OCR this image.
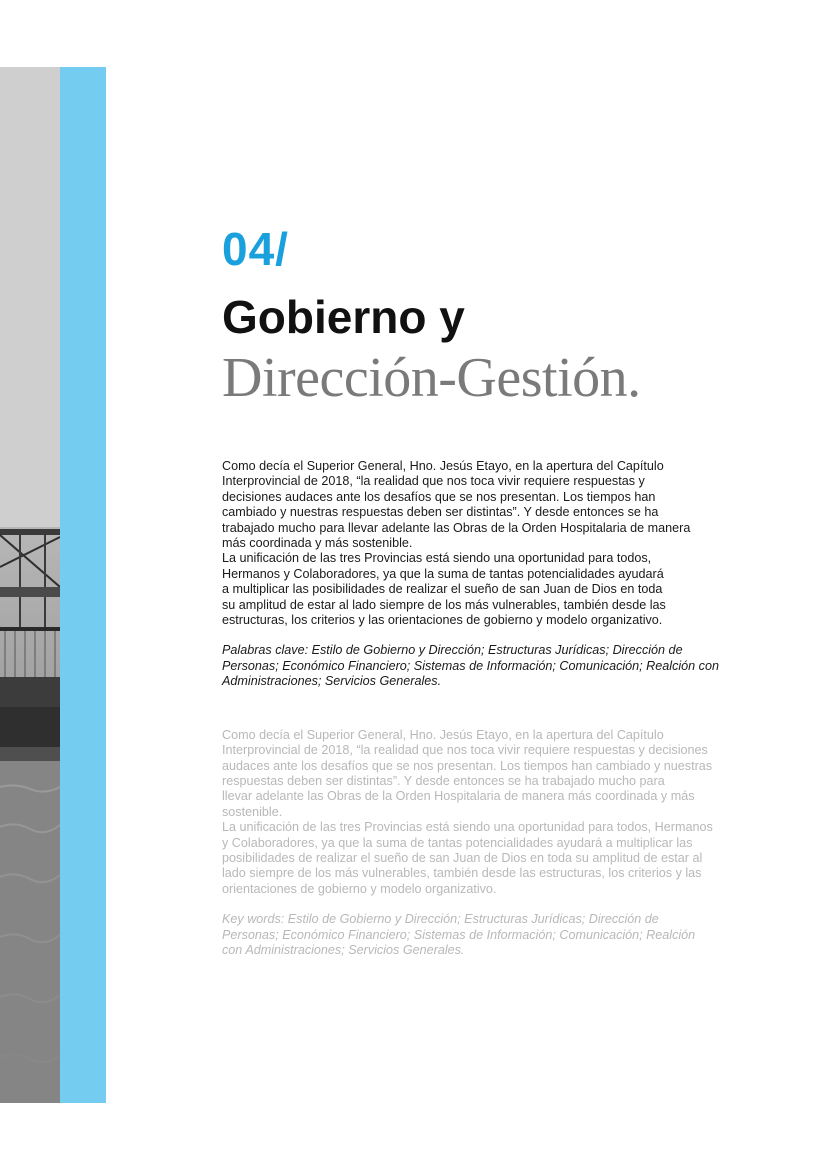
04/
Gobierno y
Dirección-Gestión.

Como decía el Superior General, Hno. Jesús Etayo, en la apertura del Capítulo
Interprovincial de 2018, “la realidad que nos toca vivir requiere respuestas y
decisiones audaces ante los desafíos que se nos presentan. Los tiempos han
cambiado y nuestras respuestas deben ser distintas”. Y desde entonces se ha
trabajado mucho para llevar adelante las Obras de la Orden Hospitalaria de manera
más coordinada y más sostenible.

La unificación de las tres Provincias está siendo una oportunidad para todos,
Hermanos y Colaboradores, ya que la suma de tantas potencialidades ayudará
a multiplicar las posibilidades de realizar el sueño de san Juan de Dios en toda
su amplitud de estar al lado siempre de los más vulnerables, también desde las
estructuras, los criterios y las orientaciones de gobierno y modelo organizativo.

Palabras clave: Estilo de Gobierno y Dirección; Estructuras Jurídicas; Dirección de
Personas; Económico Financiero; Sistemas de Información; Comunicación; Realción con
Administraciones; Servicios Generales.

Como decía el Superior General, Hno. Jesús Etayo, en la apertura del Capítulo
Interprovincial de 2018, “la realidad que nos toca vivir requiere respuestas y decisiones
audaces ante los desafíos que se nos presentan. Los tiempos han cambiado y nuestras
respuestas deben ser distintas”. Y desde entonces se ha trabajado mucho para
llevar adelante las Obras de la Orden Hospitalaria de manera más coordinada y más
sostenible.

La unificación de las tres Provincias está siendo una oportunidad para todos, Hermanos
y Colaboradores, ya que la suma de tantas potencialidades ayudará a multiplicar las
posibilidades de realizar el sueño de san Juan de Dios en toda su amplitud de estar al
lado siempre de los más vulnerables, también desde las estructuras, los criterios y las
orientaciones de gobierno y modelo organizativo.

Key words: Estilo de Gobierno y Dirección; Estructuras Jurídicas; Dirección de
Personas; Económico Financiero; Sistemas de Información; Comunicación; Realción
con Administraciones; Servicios Generales.
